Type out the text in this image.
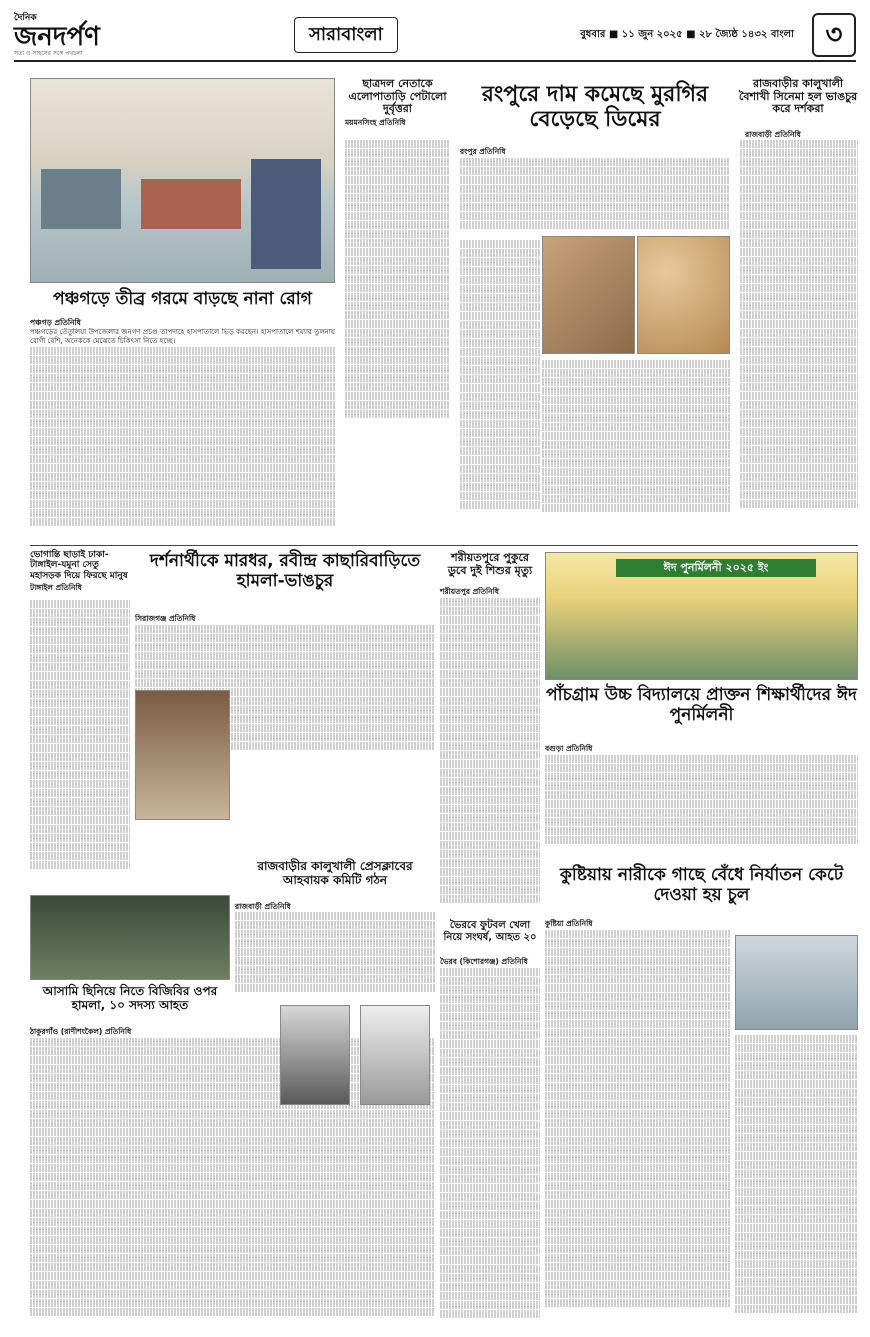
দৈনিক
জনদর্পণ
সত্য ও সাহসের সঙ্গে পথচলা
সারাবাংলা	বুধবার ■ ১১ জুন ২০২৫ ■ ২৮ জ্যৈষ্ঠ ১৪৩২ বাংলা	৩
ছাত্রদল নেতাকে এলোপাতাড়ি পেটালো দুর্বৃত্তরা
ময়মনসিংহ প্রতিনিধি
রংপুরে দাম কমেছে মুরগির বেড়েছে ডিমের
রংপুর প্রতিনিধি
রাজবাড়ীর কালুখালী বৈশাখী সিনেমা হল ভাঙচুর করে দর্শকরা
রাজবাড়ী প্রতিনিধি
পঞ্চগড়ে তীব্র গরমে বাড়ছে নানা রোগ
পঞ্চগড় প্রতিনিধি
পঞ্চগড়ের তেঁতুলিয়া উপজেলার জনগণ প্রচণ্ড তাপদাহে হাসপাতালে ভিড় করছেন। হাসপাতালে শয্যার তুলনায় রোগী বেশি, অনেককে মেঝেতে চিকিৎসা নিতে হচ্ছে।
ভোগান্তি ছাড়াই ঢাকা-টাঙ্গাইল-যমুনা সেতু মহাসড়ক দিয়ে ফিরছে মানুষ
টাঙ্গাইল প্রতিনিধি
দর্শনার্থীকে মারধর, রবীন্দ্র কাছারিবাড়িতে হামলা-ভাঙচুর
সিরাজগঞ্জ প্রতিনিধি
শরীয়তপুরে পুকুরে ডুবে দুই শিশুর মৃত্যু
শরীয়তপুর প্রতিনিধি
ঈদ পুনর্মিলনী ২০২৫ ইং
পাঁচগ্রাম উচ্চ বিদ্যালয়ে প্রাক্তন শিক্ষার্থীদের ঈদ পুনর্মিলনী
বগুড়া প্রতিনিধি
আসামি ছিনিয়ে নিতে বিজিবির ওপর হামলা, ১০ সদস্য আহত
ঠাকুরগাঁও (রাণীশংকৈল) প্রতিনিধি
রাজবাড়ীর কালুখালী প্রেসক্লাবের আহবায়ক কমিটি গঠন
রাজবাড়ী প্রতিনিধি
ভৈরবে ফুটবল খেলা নিয়ে সংঘর্ষ, আহত ২০
ভৈরব (কিশোরগঞ্জ) প্রতিনিধি
কুষ্টিয়ায় নারীকে গাছে বেঁধে নির্যাতন কেটে দেওয়া হয় চুল
কুষ্টিয়া প্রতিনিধি
